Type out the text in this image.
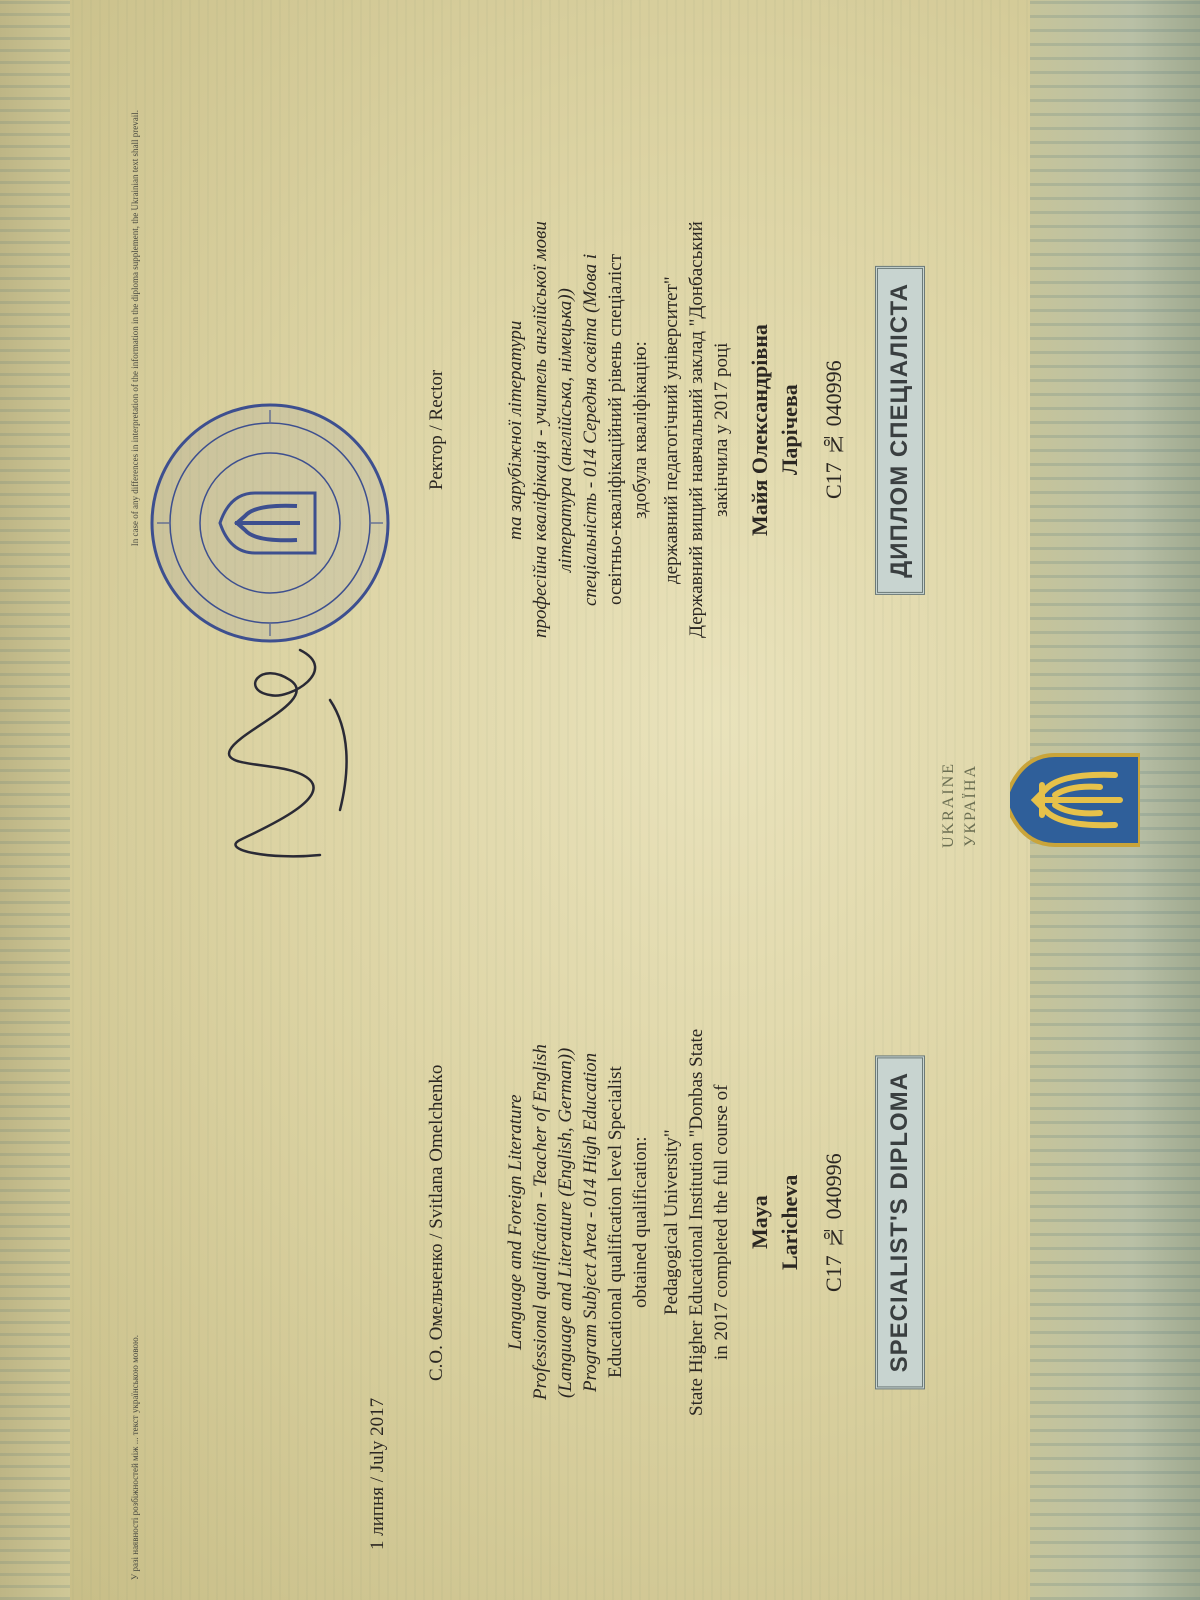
УКРАЇНА
UKRAINE
ДИПЛОМ СПЕЦІАЛІСТА
С17 № 040996
Ларічева
Майя Олександрівна
закінчила у 2017 році
Державний вищий навчальний заклад "Донбаський
державний педагогічний університет"
здобула кваліфікацію:
освітньо-кваліфікаційний рівень спеціаліст
спеціальність - 014 Середня освіта (Мова і
література (англійська, німецька))
професійна кваліфікація - учитель англійської мови
та зарубіжної літератури
Ректор / Rector
SPECIALIST'S DIPLOMA
С17 № 040996
Laricheva
Maya
in 2017 completed the full course of
State Higher Educational Institution "Donbas State
Pedagogical University"
obtained qualification:
Educational qualification level Specialist
Program Subject Area - 014 High Education
(Language and Literature (English, German))
Professional qualification - Teacher of English
Language and Foreign Literature
С.О. Омельченко / Svitlana Omelchenko
1 липня / July 2017
У разі наявності розбіжностей між ... текст українською мовою.
In case of any differences in interpretation of the information in the diploma supplement, the Ukrainian text shall prevail.
